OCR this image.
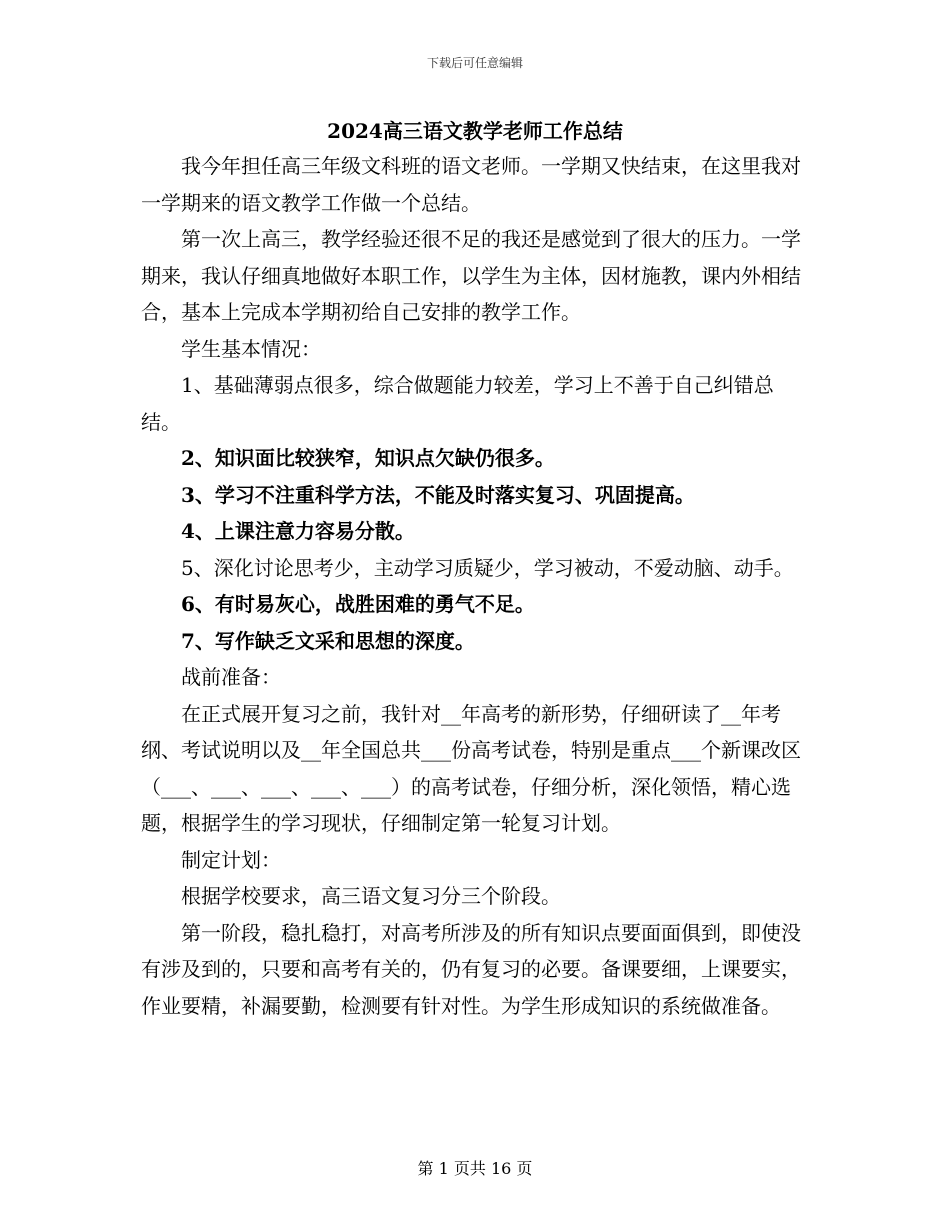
下载后可任意编辑
2024高三语文教学老师工作总结

我今年担任高三年级文科班的语文老师。一学期又快结束，在这里我对一学期来的语文教学工作做一个总结。

第一次上高三，教学经验还很不足的我还是感觉到了很大的压力。一学期来，我认仔细真地做好本职工作，以学生为主体，因材施教，课内外相结合，基本上完成本学期初给自己安排的教学工作。

学生基本情况：

1、基础薄弱点很多，综合做题能力较差，学习上不善于自己纠错总结。

2、知识面比较狭窄，知识点欠缺仍很多。

3、学习不注重科学方法，不能及时落实复习、巩固提高。

4、上课注意力容易分散。

5、深化讨论思考少，主动学习质疑少，学习被动，不爱动脑、动手。

6、有时易灰心，战胜困难的勇气不足。

7、写作缺乏文采和思想的深度。

战前准备：

在正式展开复习之前，我针对__年高考的新形势，仔细研读了__年考纲、考试说明以及__年全国总共___份高考试卷，特别是重点___个新课改区（___、___、___、___、___）的高考试卷，仔细分析，深化领悟，精心选题，根据学生的学习现状，仔细制定第一轮复习计划。

制定计划：

根据学校要求，高三语文复习分三个阶段。

第一阶段，稳扎稳打，对高考所涉及的所有知识点要面面俱到，即使没有涉及到的，只要和高考有关的，仍有复习的必要。备课要细，上课要实，作业要精，补漏要勤，检测要有针对性。为学生形成知识的系统做准备。

第 1 页共 16 页
